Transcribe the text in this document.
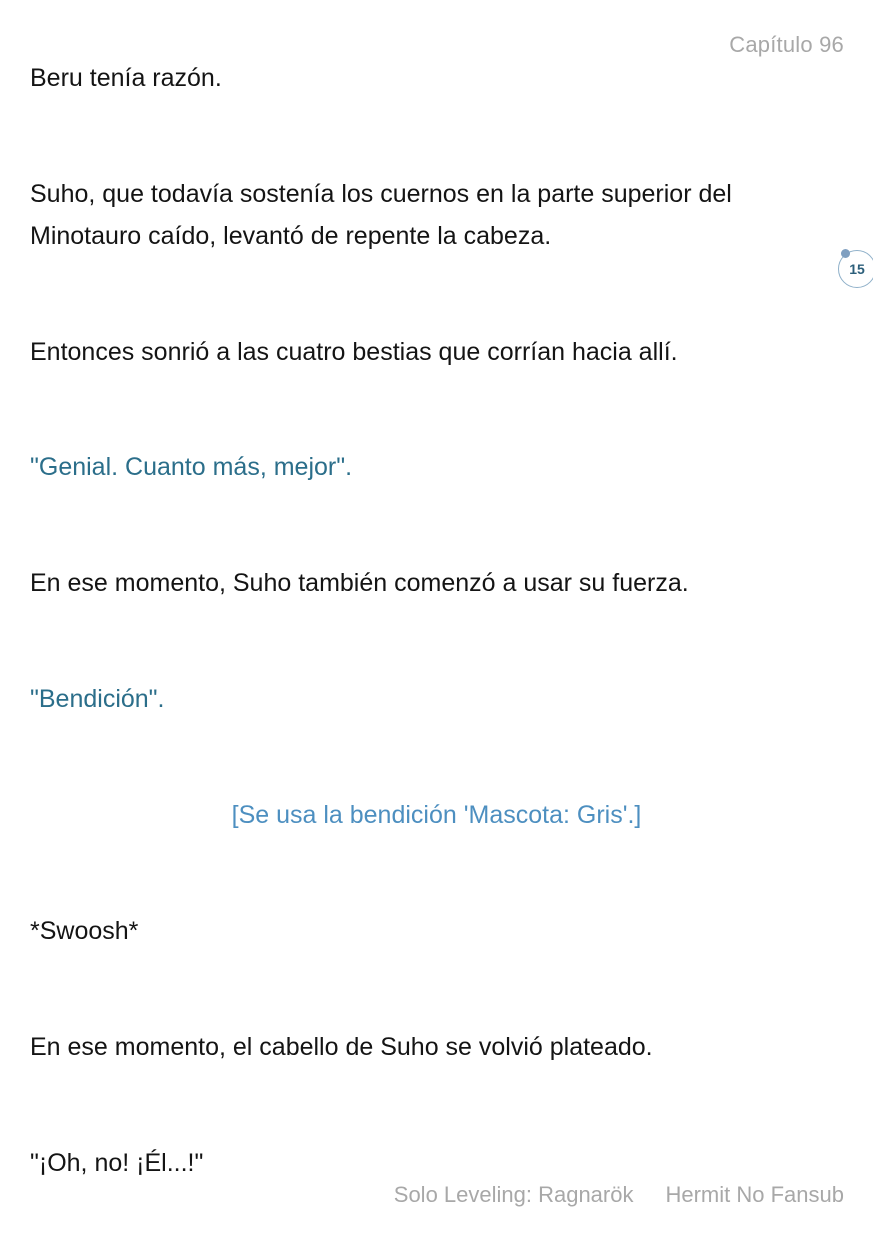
Capítulo 96

Beru tenía razón.

Suho, que todavía sostenía los cuernos en la parte superior del Minotauro caído, levantó de repente la cabeza.

15

Entonces sonrió a las cuatro bestias que corrían hacia allí.

"Genial. Cuanto más, mejor".

En ese momento, Suho también comenzó a usar su fuerza.

"Bendición".

[Se usa la bendición 'Mascota: Gris'.]

*Swoosh*

En ese momento, el cabello de Suho se volvió plateado.

"¡Oh, no! ¡Él...!"

Solo Leveling: Ragnarök Hermit No Fansub
